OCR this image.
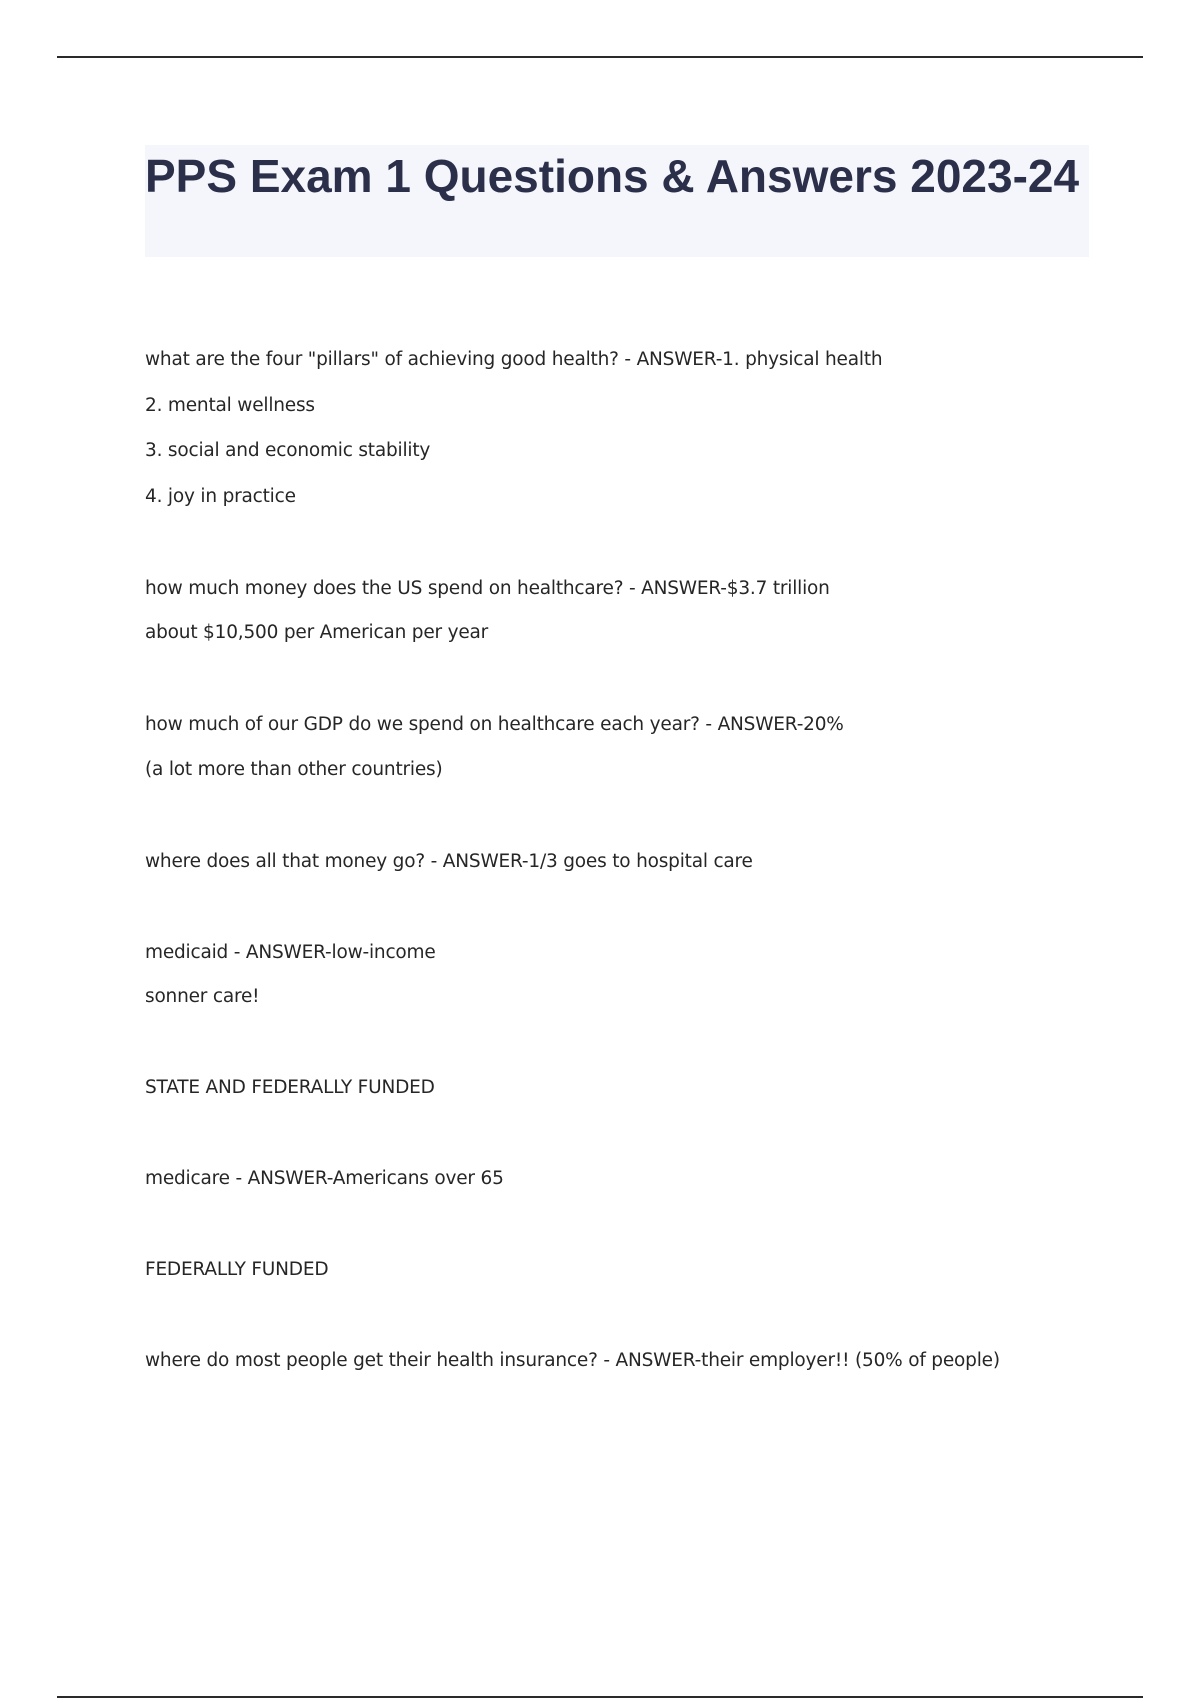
PPS Exam 1 Questions & Answers 2023-24
what are the four "pillars" of achieving good health? - ANSWER-1. physical health
2. mental wellness
3. social and economic stability
4. joy in practice
how much money does the US spend on healthcare? - ANSWER-$3.7 trillion
about $10,500 per American per year
how much of our GDP do we spend on healthcare each year? - ANSWER-20%
(a lot more than other countries)
where does all that money go? - ANSWER-1/3 goes to hospital care
medicaid - ANSWER-low-income
sonner care!
STATE AND FEDERALLY FUNDED
medicare - ANSWER-Americans over 65
FEDERALLY FUNDED
where do most people get their health insurance? - ANSWER-their employer!! (50% of people)
